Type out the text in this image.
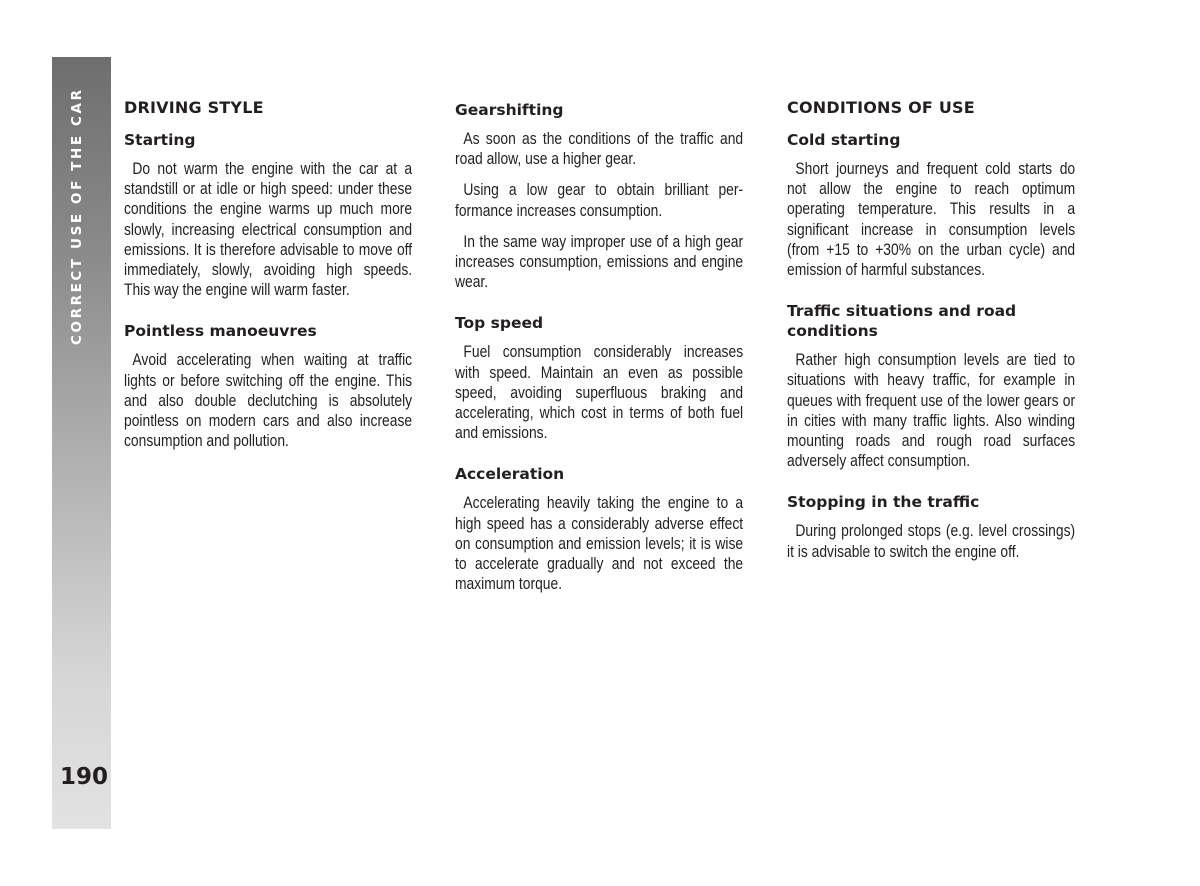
CORRECT USE OF THE CAR
190
DRIVING STYLE
Starting

Do not warm the engine with the car at a standstill or at idle or high speed: under these conditions the engine warms up much more slowly, increasing electrical consumption and emissions. It is therefore advisable to move off immediately, slowly, avoiding high speeds. This way the engine will warm faster.

Pointless manoeuvres

Avoid accelerating when waiting at traffic lights or before switching off the engine. This and also double declutching is absolutely pointless on modern cars and also increase consumption and pollution.

Gearshifting

As soon as the conditions of the traffic and road allow, use a higher gear.

Using a low gear to obtain brilliant performance increases consumption.

In the same way improper use of a high gear increases consumption, emissions and engine wear.

Top speed

Fuel consumption considerably increases with speed. Maintain an even as possible speed, avoiding superfluous braking and accelerating, which cost in terms of both fuel and emissions.

Acceleration

Accelerating heavily taking the engine to a high speed has a considerably adverse effect on consumption and emission levels; it is wise to accelerate gradually and not exceed the maximum torque.

CONDITIONS OF USE
Cold starting

Short journeys and frequent cold starts do not allow the engine to reach optimum operating temperature. This results in a significant increase in consumption levels (from +15 to +30% on the urban cycle) and emission of harmful substances.

Traffic situations and road conditions

Rather high consumption levels are tied to situations with heavy traffic, for example in queues with frequent use of the lower gears or in cities with many traffic lights. Also winding mounting roads and rough road surfaces adversely affect consumption.

Stopping in the traffic

During prolonged stops (e.g. level crossings) it is advisable to switch the engine off.
